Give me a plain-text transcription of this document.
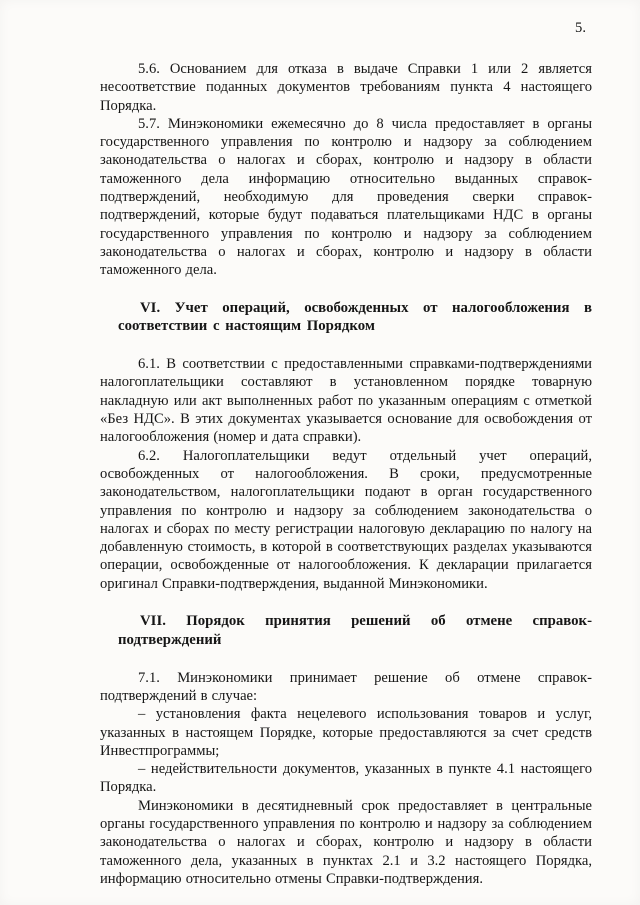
5.

5.6. Основанием для отказа в выдаче Справки 1 или 2 является несоответствие поданных документов требованиям пункта 4 настоящего Порядка.

5.7. Минэкономики ежемесячно до 8 числа предоставляет в органы государственного управления по контролю и надзору за соблюдением законодательства о налогах и сборах, контролю и надзору в области таможенного дела информацию относительно выданных справок-подтверждений, необходимую для проведения сверки справок-подтверждений, которые будут подаваться плательщиками НДС в органы государственного управления по контролю и надзору за соблюдением законодательства о налогах и сборах, контролю и надзору в области таможенного дела.

VI. Учет операций, освобожденных от налогообложения в соответствии с настоящим Порядком

6.1. В соответствии с предоставленными справками-подтверждениями налогоплательщики составляют в установленном порядке товарную накладную или акт выполненных работ по указанным операциям с отметкой «Без НДС». В этих документах указывается основание для освобождения от налогообложения (номер и дата справки).

6.2. Налогоплательщики ведут отдельный учет операций, освобожденных от налогообложения. В сроки, предусмотренные законодательством, налогоплательщики подают в орган государственного управления по контролю и надзору за соблюдением законодательства о налогах и сборах по месту регистрации налоговую декларацию по налогу на добавленную стоимость, в которой в соответствующих разделах указываются операции, освобожденные от налогообложения. К декларации прилагается оригинал Справки-подтверждения, выданной Минэкономики.

VII. Порядок принятия решений об отмене справок-подтверждений

7.1. Минэкономики принимает решение об отмене справок-подтверждений в случае:

– установления факта нецелевого использования товаров и услуг, указанных в настоящем Порядке, которые предоставляются за счет средств Инвестпрограммы;

– недействительности документов, указанных в пункте 4.1 настоящего Порядка.

Минэкономики в десятидневный срок предоставляет в центральные органы государственного управления по контролю и надзору за соблюдением законодательства о налогах и сборах, контролю и надзору в области таможенного дела, указанных в пунктах 2.1 и 3.2 настоящего Порядка, информацию относительно отмены Справки-подтверждения.
